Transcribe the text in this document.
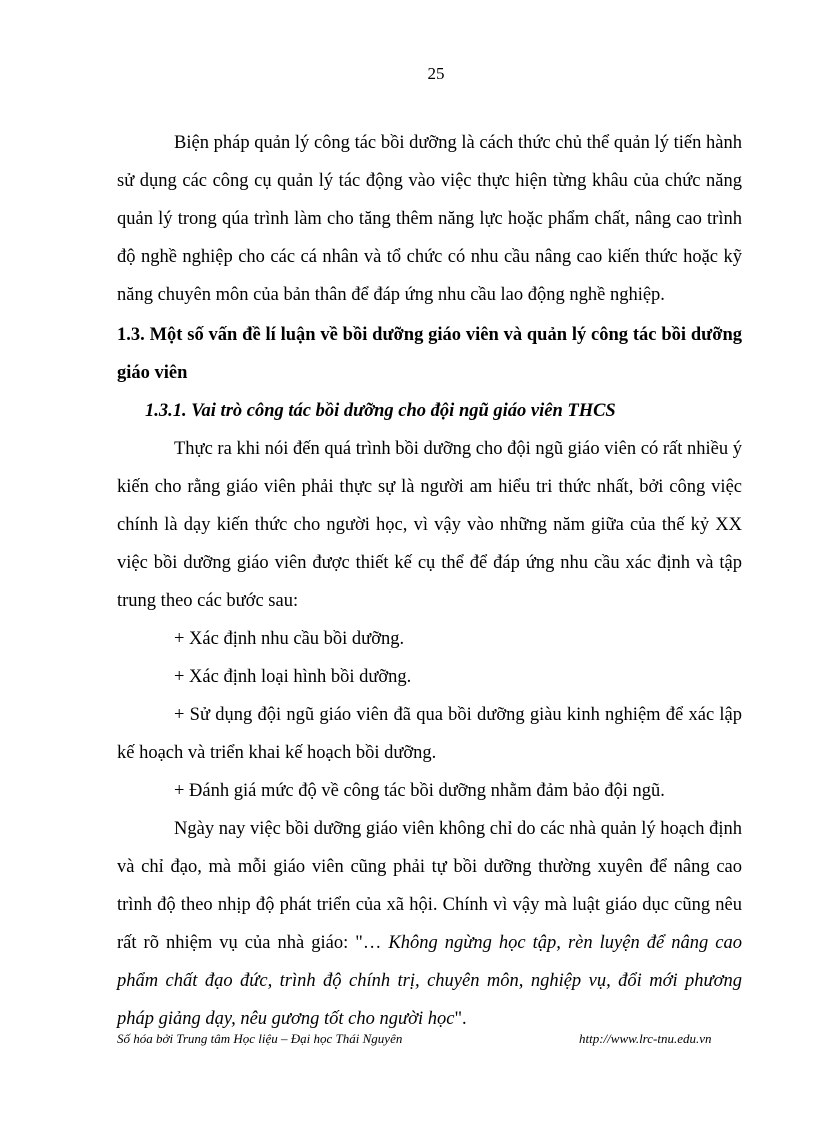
25

Biện pháp quản lý công tác bồi dưỡng là cách thức chủ thể quản lý tiến hành sử dụng các công cụ quản lý tác động vào việc thực hiện từng khâu của chức năng quản lý trong qúa trình làm cho tăng thêm năng lực hoặc phẩm chất, nâng cao trình độ nghề nghiệp cho các cá nhân và tổ chức có nhu cầu nâng cao kiến thức hoặc kỹ năng chuyên môn của bản thân để đáp ứng nhu cầu lao động nghề nghiệp.

1.3. Một số vấn đề lí luận về bồi dưỡng giáo viên và quản lý công tác bồi dưỡng giáo viên

1.3.1. Vai trò công tác bồi dưỡng cho đội ngũ giáo viên THCS

Thực ra khi nói đến quá trình bồi dưỡng cho đội ngũ giáo viên có rất nhiều ý kiến cho rằng giáo viên phải thực sự là người am hiểu tri thức nhất, bởi công việc chính là dạy kiến thức cho người học, vì vậy vào những năm giữa của thế kỷ XX việc bồi dưỡng giáo viên được thiết kế cụ thể để đáp ứng nhu cầu xác định và tập trung theo các bước sau:

+ Xác định nhu cầu bồi dưỡng.

+ Xác định loại hình bồi dưỡng.

+ Sử dụng đội ngũ giáo viên đã qua bồi dưỡng giàu kinh nghiệm để xác lập kế hoạch và triển khai kế hoạch bồi dưỡng.

+ Đánh giá mức độ về công tác bồi dưỡng nhằm đảm bảo đội ngũ.

Ngày nay việc bồi dưỡng giáo viên không chỉ do các nhà quản lý hoạch định và chỉ đạo, mà mỗi giáo viên cũng phải tự bồi dưỡng thường xuyên để nâng cao trình độ theo nhịp độ phát triển của xã hội. Chính vì vậy mà luật giáo dục cũng nêu rất rõ nhiệm vụ của nhà giáo: "… Không ngừng học tập, rèn luyện để nâng cao phẩm chất đạo đức, trình độ chính trị, chuyên môn, nghiệp vụ, đổi mới phương pháp giảng dạy, nêu gương tốt cho người học".

Số hóa bởi Trung tâm Học liệu – Đại học Thái Nguyên	http://www.lrc-tnu.edu.vn
